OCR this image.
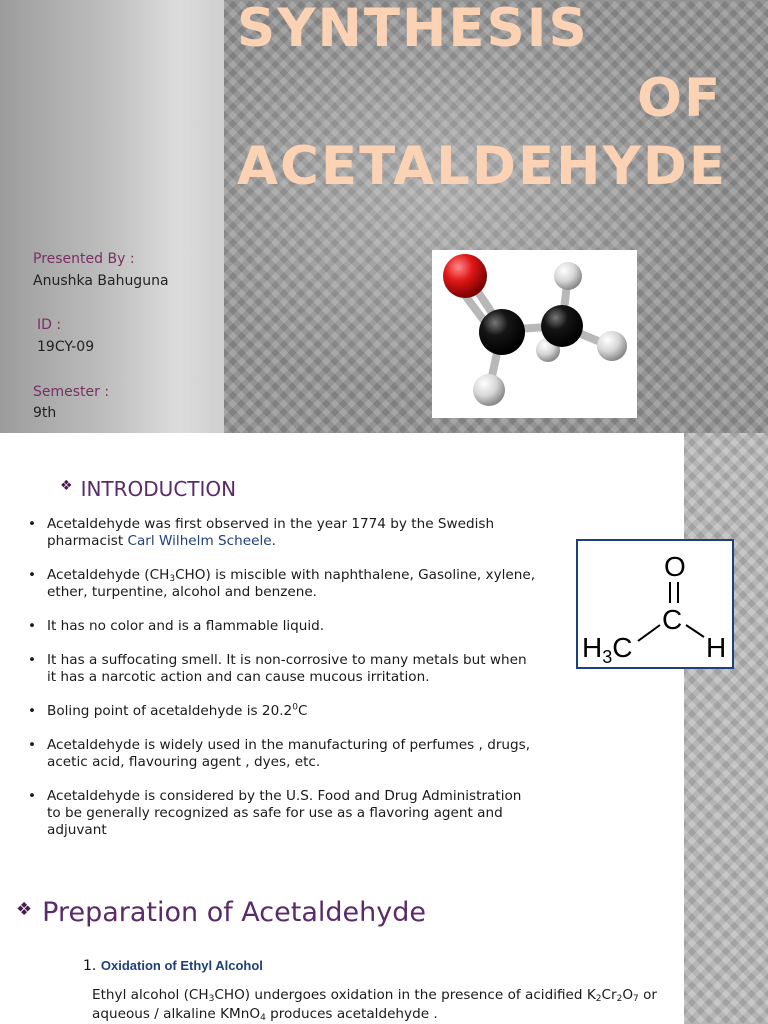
SYNTHESIS
OF
ACETALDEHYDE

Presented By :

Anushka Bahuguna

ID :

19CY-09

Semester :

9th

❖ INTRODUCTION
• Acetaldehyde was first observed in the year 1774 by the Swedish pharmacist Carl Wilhelm Scheele.
• Acetaldehyde $(CH_3CHO)$ is miscible with naphthalene, Gasoline, xylene, ether, turpentine, alcohol and benzene.
• It has no color and is a flammable liquid.
• It has a suffocating smell. It is non-corrosive to many metals but when it has a narcotic action and can cause mucous irritation.
• Boling point of acetaldehyde is 20.2$^0$C
• Acetaldehyde is widely used in the manufacturing of perfumes , drugs,
acetic acid, flavouring agent , dyes, etc.
• Acetaldehyde is considered by the U.S. Food and Drug Administration to be generally recognized as safe for use as a flavoring agent and adjuvant
O
C
$H_3C$	H
❖ Preparation of Acetaldehyde
1. Oxidation of Ethyl Alcohol

Ethyl alcohol $(CH_3CHO)$ undergoes oxidation in the presence of acidified $K_2Cr_2O_7$ or aqueous / alkaline KMnO$_4$ produces acetaldehyde .
